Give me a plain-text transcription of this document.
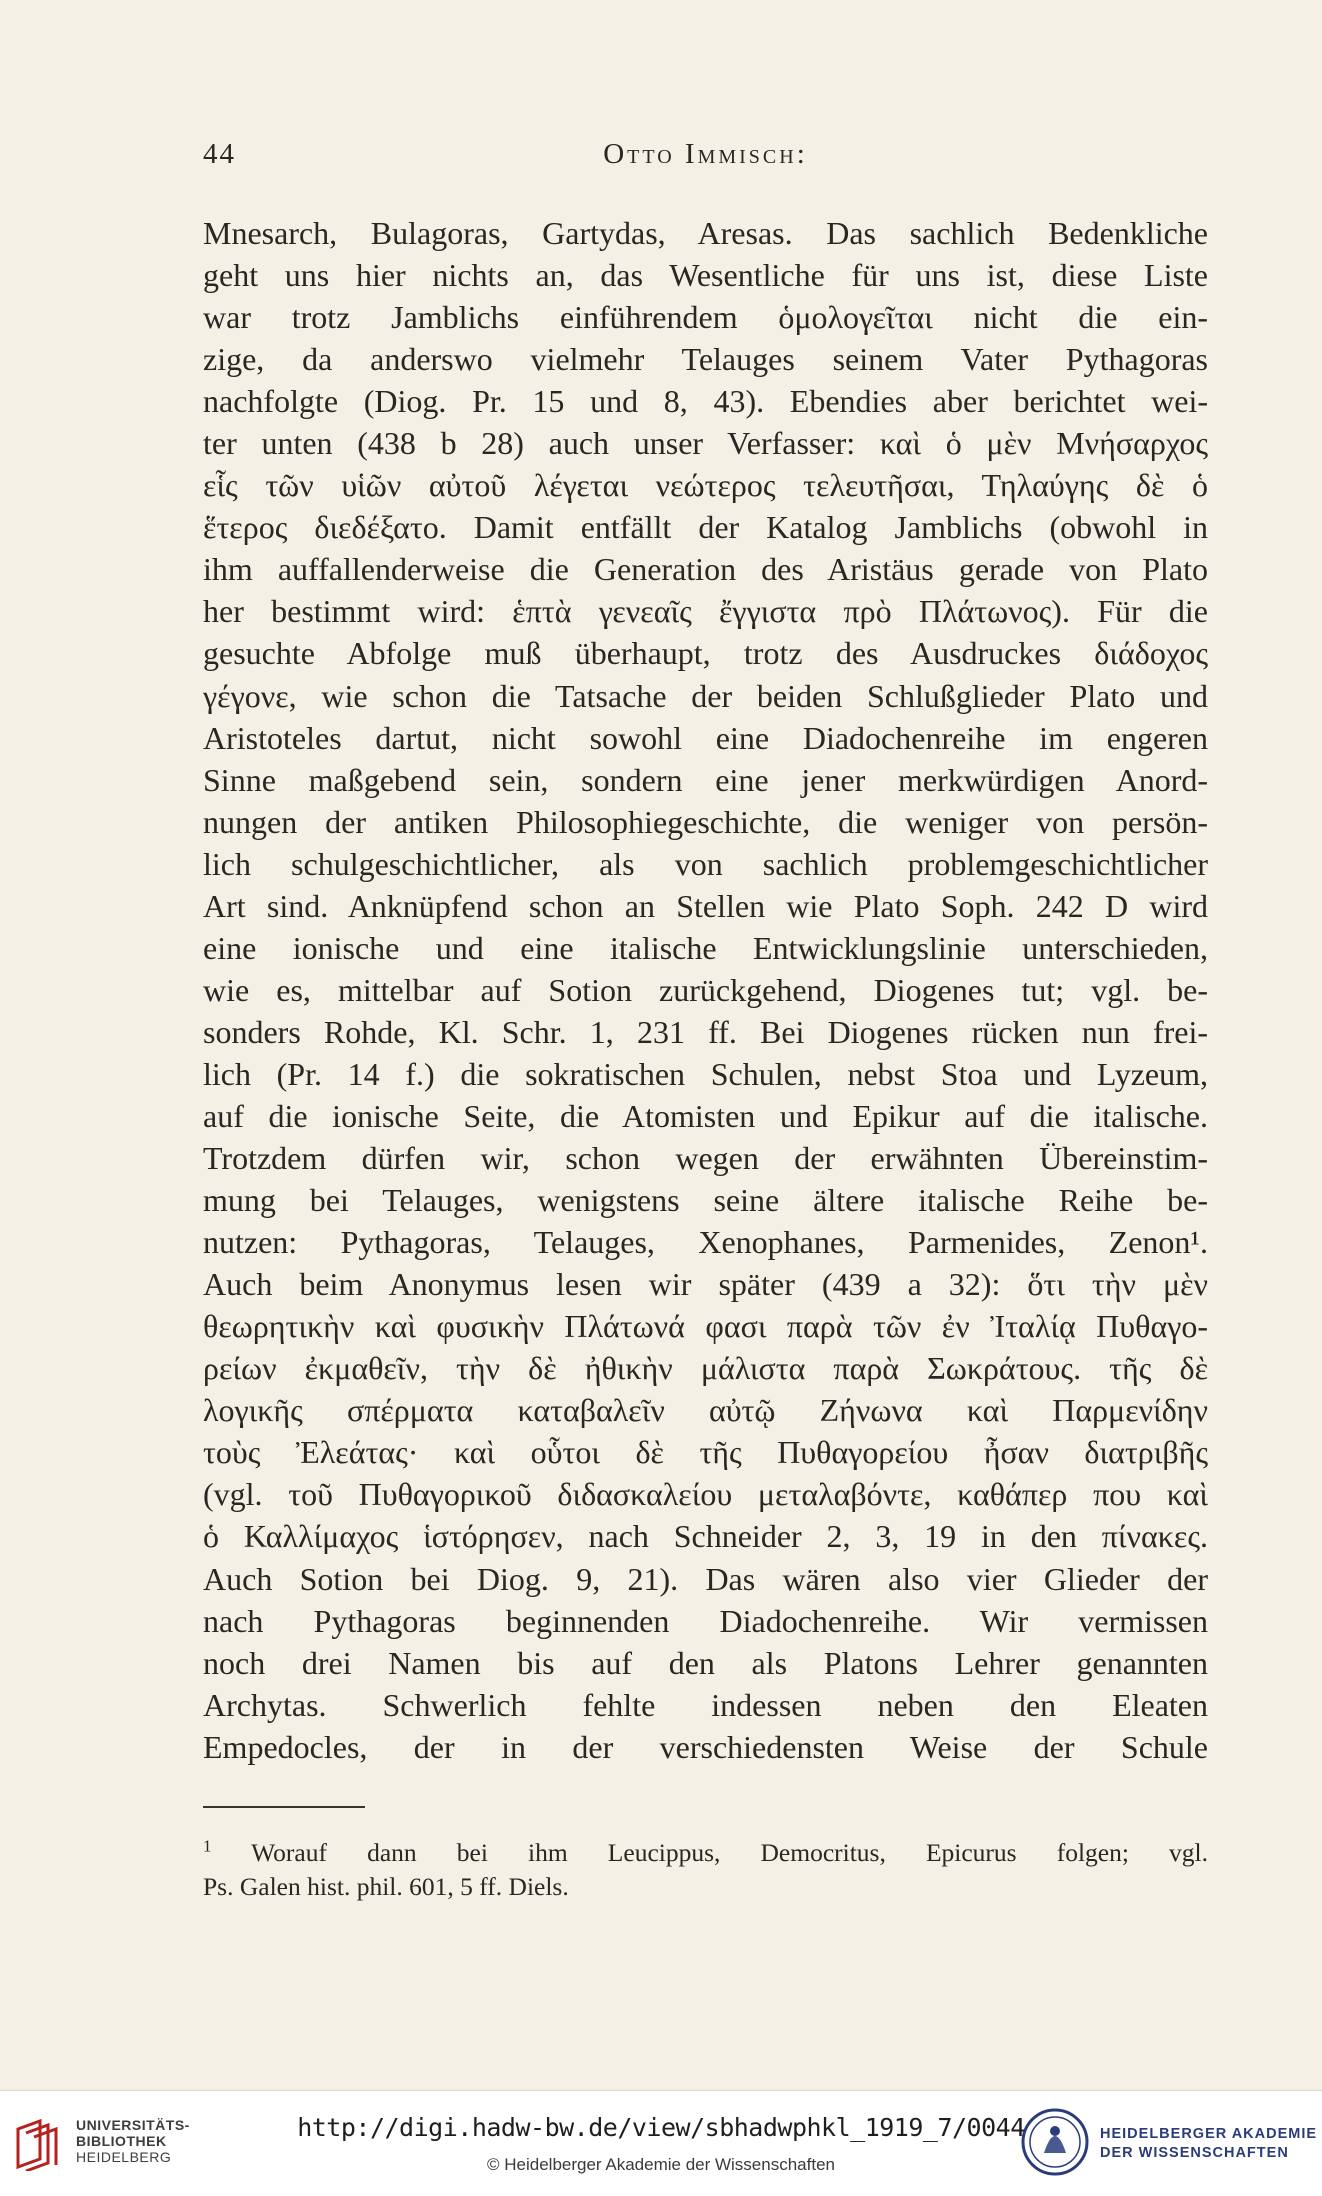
44	Otto Immisch:
Mnesarch, Bulagoras, Gartydas, Aresas. Das sachlich Bedenkliche
geht uns hier nichts an, das Wesentliche für uns ist, diese Liste
war trotz Jamblichs einführendem ὁμολογεῖται nicht die ein-
zige, da anderswo vielmehr Telauges seinem Vater Pythagoras
nachfolgte (Diog. Pr. 15 und 8, 43). Ebendies aber berichtet wei-
ter unten (438 b 28) auch unser Verfasser: καὶ ὁ μὲν Μνήσαρχος
εἷς τῶν υἱῶν αὐτοῦ λέγεται νεώτερος τελευτῆσαι, Τηλαύγης δὲ ὁ
ἕτερος διεδέξατο. Damit entfällt der Katalog Jamblichs (obwohl in
ihm auffallenderweise die Generation des Aristäus gerade von Plato
her bestimmt wird: ἑπτὰ γενεαῖς ἔγγιστα πρὸ Πλάτωνος). Für die
gesuchte Abfolge muß überhaupt, trotz des Ausdruckes διάδοχος
γέγονε, wie schon die Tatsache der beiden Schlußglieder Plato und
Aristoteles dartut, nicht sowohl eine Diadochenreihe im engeren
Sinne maßgebend sein, sondern eine jener merkwürdigen Anord-
nungen der antiken Philosophiegeschichte, die weniger von persön-
lich schulgeschichtlicher, als von sachlich problemgeschichtlicher
Art sind. Anknüpfend schon an Stellen wie Plato Soph. 242 D wird
eine ionische und eine italische Entwicklungslinie unterschieden,
wie es, mittelbar auf Sotion zurückgehend, Diogenes tut; vgl. be-
sonders Rohde, Kl. Schr. 1, 231 ff. Bei Diogenes rücken nun frei-
lich (Pr. 14 f.) die sokratischen Schulen, nebst Stoa und Lyzeum,
auf die ionische Seite, die Atomisten und Epikur auf die italische.
Trotzdem dürfen wir, schon wegen der erwähnten Übereinstim-
mung bei Telauges, wenigstens seine ältere italische Reihe be-
nutzen: Pythagoras, Telauges, Xenophanes, Parmenides, Zenon¹.
Auch beim Anonymus lesen wir später (439 a 32): ὅτι τὴν μὲν
θεωρητικὴν καὶ φυσικὴν Πλάτωνά φασι παρὰ τῶν ἐν Ἰταλίᾳ Πυθαγο-
ρείων ἐκμαθεῖν, τὴν δὲ ἠθικὴν μάλιστα παρὰ Σωκράτους. τῆς δὲ
λογικῆς σπέρματα καταβαλεῖν αὐτῷ Ζήνωνα καὶ Παρμενίδην
τοὺς Ἐλεάτας· καὶ οὗτοι δὲ τῆς Πυθαγορείου ἦσαν διατριβῆς
(vgl. τοῦ Πυθαγορικοῦ διδασκαλείου μεταλαβόντε, καθάπερ που καὶ
ὁ Καλλίμαχος ἱστόρησεν, nach Schneider 2, 3, 19 in den πίνακες.
Auch Sotion bei Diog. 9, 21). Das wären also vier Glieder der
nach Pythagoras beginnenden Diadochenreihe. Wir vermissen
noch drei Namen bis auf den als Platons Lehrer genannten
Archytas. Schwerlich fehlte indessen neben den Eleaten
Empedocles, der in der verschiedensten Weise der Schule
$^1$ Worauf dann bei ihm Leucippus, Democritus, Epicurus folgen; vgl.
Ps. Galen hist. phil. 601, 5 ff. Diels.
UNIVERSITÄTS-
BIBLIOTHEK
HEIDELBERG
http://digi.hadw-bw.de/view/sbhadwphkl_1919_7/0044
© Heidelberger Akademie der Wissenschaften
HEIDELBERGER AKADEMIE
DER WISSENSCHAFTEN
